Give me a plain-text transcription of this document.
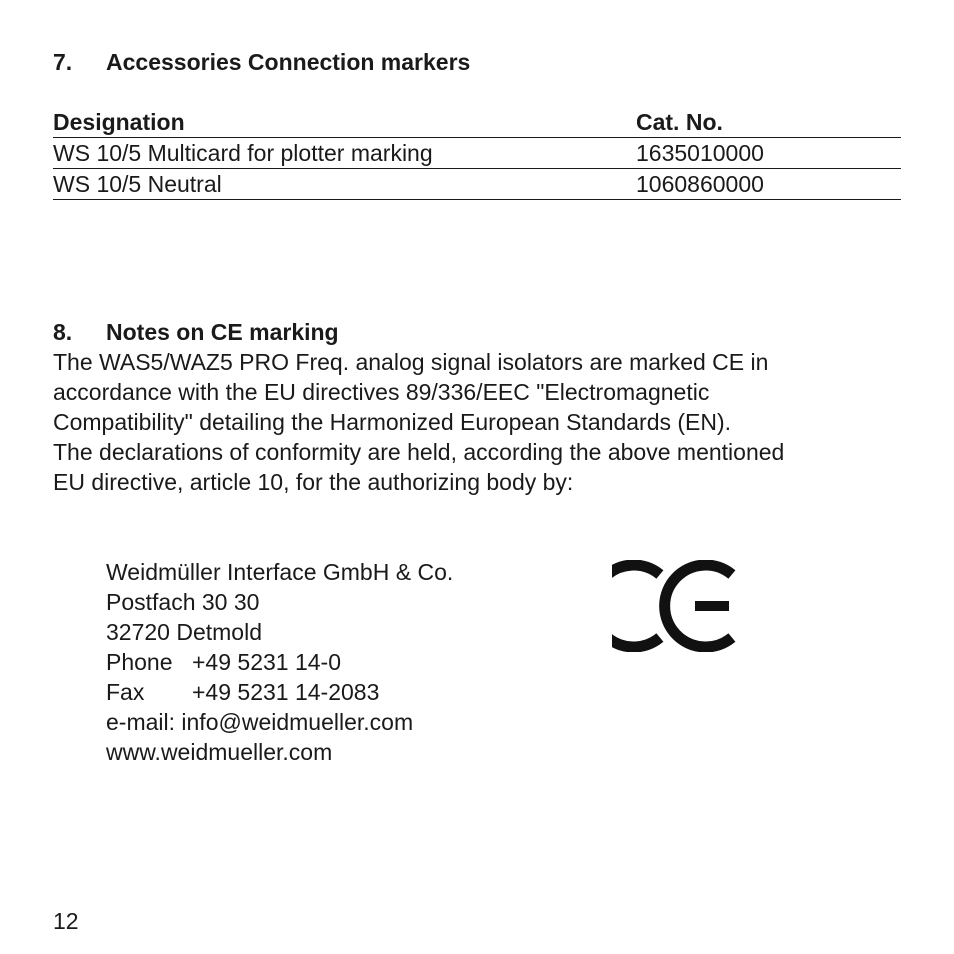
7. Accessories Connection markers
Designation	Cat. No.
WS 10/5 Multicard for plotter marking	1635010000
WS 10/5 Neutral	1060860000
8. Notes on CE marking
The WAS5/WAZ5 PRO Freq. analog signal isolators are marked CE in
accordance with the EU directives 89/336/EEC "Electromagnetic
Compatibility" detailing the Harmonized European Standards (EN).
The declarations of conformity are held, according the above mentioned
EU directive, article 10, for the authorizing body by:
Weidmüller Interface GmbH & Co.
Postfach 30 30
32720 Detmold
Phone +49 5231 14-0
Fax +49 5231 14-2083
e-mail: info@weidmueller.com
www.weidmueller.com
12
